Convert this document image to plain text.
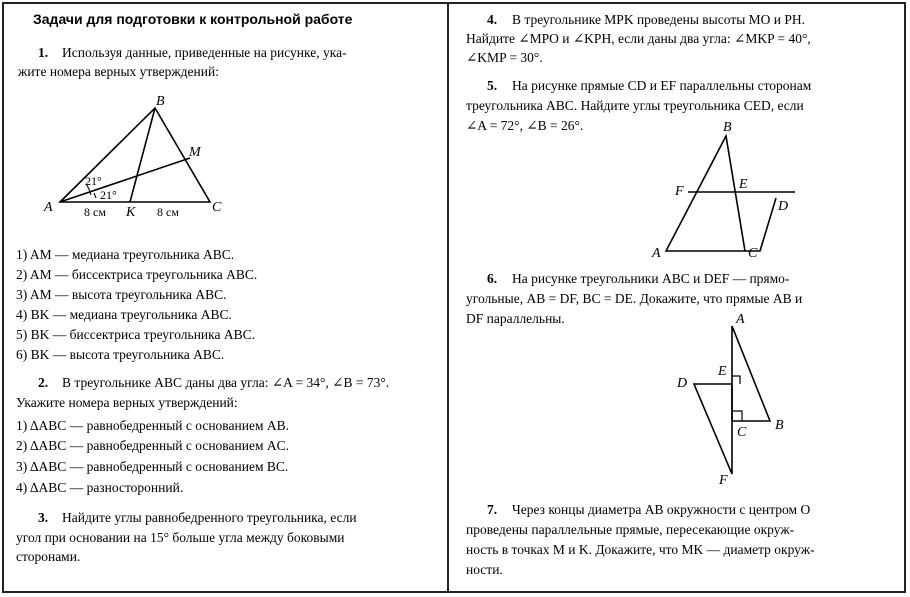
Задачи для подготовки к контрольной работе
1. Используя данные, приведенные на рисунке, ука-
жите номера верных утверждений:
B
M
A	C
K
21°
21°
8 см	8 см
1) AM — медиана треугольника ABC.
2) AM — биссектриса треугольника ABC.
3) AM — высота треугольника ABC.
4) BK — медиана треугольника ABC.
5) BK — биссектриса треугольника ABC.
6) BK — высота треугольника ABC.
2. В треугольнике ABC даны два угла: ∠A = 34°, ∠B = 73°.
Укажите номера верных утверждений:
1) ΔABC — равнобедренный с основанием AB.
2) ΔABC — равнобедренный с основанием AC.
3) ΔABC — равнобедренный с основанием BC.
4) ΔABC — разносторонний.
3. Найдите углы равнобедренного треугольника, если
угол при основании на 15° больше угла между боковыми
сторонами.
4. В треугольнике MPK проведены высоты MO и PH.
Найдите ∠MPO и ∠KPH, если даны два угла: ∠MKP = 40°,
∠KMP = 30°.
5. На рисунке прямые CD и EF параллельны сторонам
треугольника ABC. Найдите углы треугольника CED, если
∠A = 72°, ∠B = 26°.	B
F	E
D
A	C
6. На рисунке треугольники ABC и DEF — прямо-
угольные, AB = DF, BC = DE. Докажите, что прямые AB и
DF параллельны.	A
D
E
C B
F
7. Через концы диаметра AB окружности с центром O
проведены параллельные прямые, пересекающие окруж-
ность в точках M и K. Докажите, что MK — диаметр окруж-
ности.
